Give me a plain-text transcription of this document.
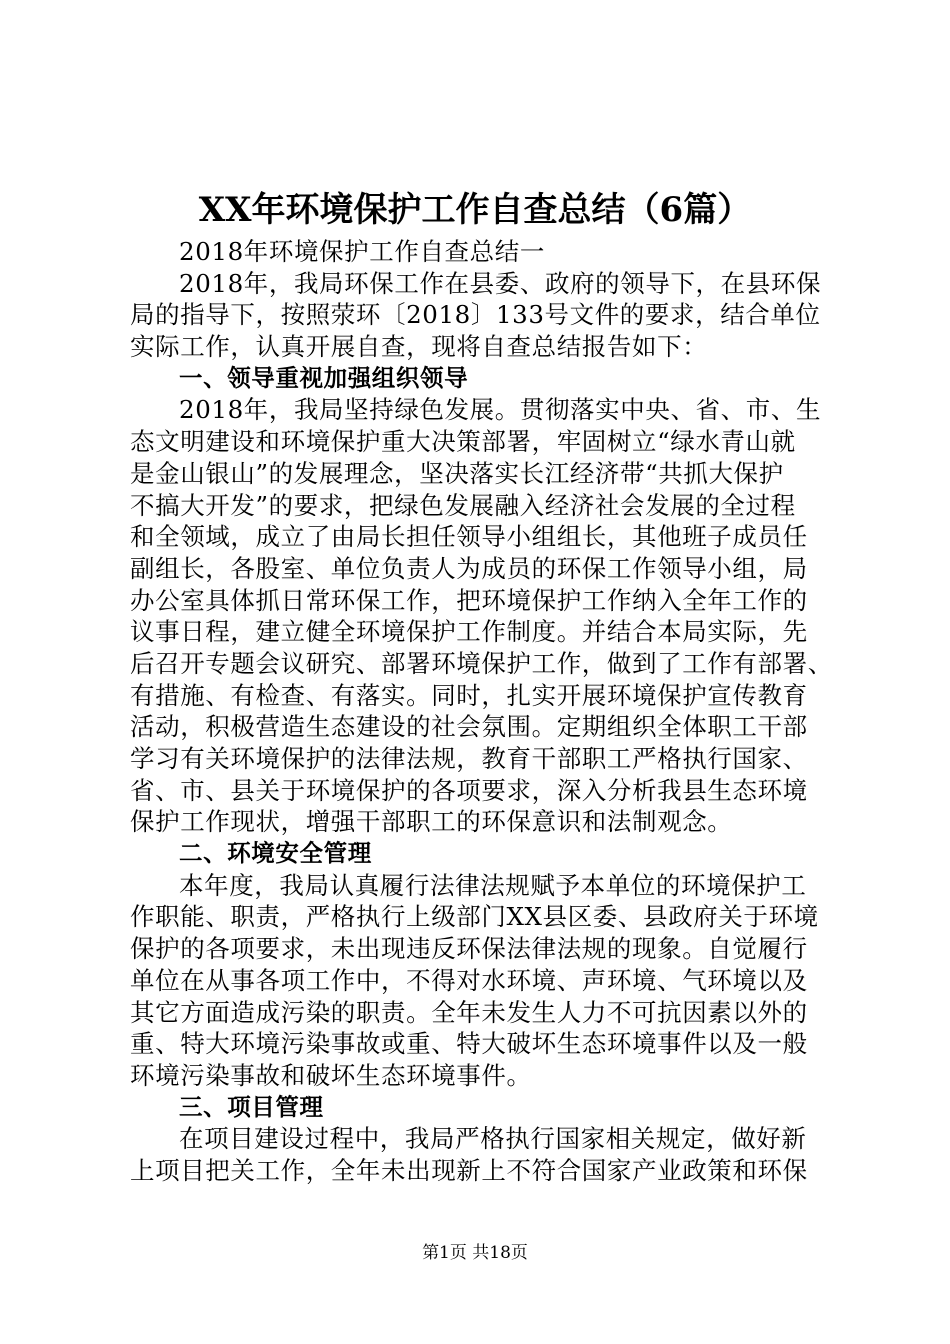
XX年环境保护工作自查总结（6篇）
2018年环境保护工作自查总结一
2018年，我局环保工作在县委、政府的领导下，在县环保
局的指导下，按照荥环〔2018〕133号文件的要求，结合单位
实际工作，认真开展自查，现将自查总结报告如下：
一、领导重视加强组织领导
2018年，我局坚持绿色发展。贯彻落实中央、省、市、生
态文明建设和环境保护重大决策部署，牢固树立“绿水青山就
是金山银山”的发展理念，坚决落实长江经济带“共抓大保护
不搞大开发”的要求，把绿色发展融入经济社会发展的全过程
和全领域，成立了由局长担任领导小组组长，其他班子成员任
副组长，各股室、单位负责人为成员的环保工作领导小组，局
办公室具体抓日常环保工作，把环境保护工作纳入全年工作的
议事日程，建立健全环境保护工作制度。并结合本局实际，先
后召开专题会议研究、部署环境保护工作，做到了工作有部署、
有措施、有检查、有落实。同时，扎实开展环境保护宣传教育
活动，积极营造生态建设的社会氛围。定期组织全体职工干部
学习有关环境保护的法律法规，教育干部职工严格执行国家、
省、市、县关于环境保护的各项要求，深入分析我县生态环境
保护工作现状，增强干部职工的环保意识和法制观念。
二、环境安全管理
本年度，我局认真履行法律法规赋予本单位的环境保护工
作职能、职责，严格执行上级部门XX县区委、县政府关于环境
保护的各项要求，未出现违反环保法律法规的现象。自觉履行
单位在从事各项工作中，不得对水环境、声环境、气环境以及
其它方面造成污染的职责。全年未发生人力不可抗因素以外的
重、特大环境污染事故或重、特大破坏生态环境事件以及一般
环境污染事故和破坏生态环境事件。
三、项目管理
在项目建设过程中，我局严格执行国家相关规定，做好新
上项目把关工作，全年未出现新上不符合国家产业政策和环保
第1页 共18页
